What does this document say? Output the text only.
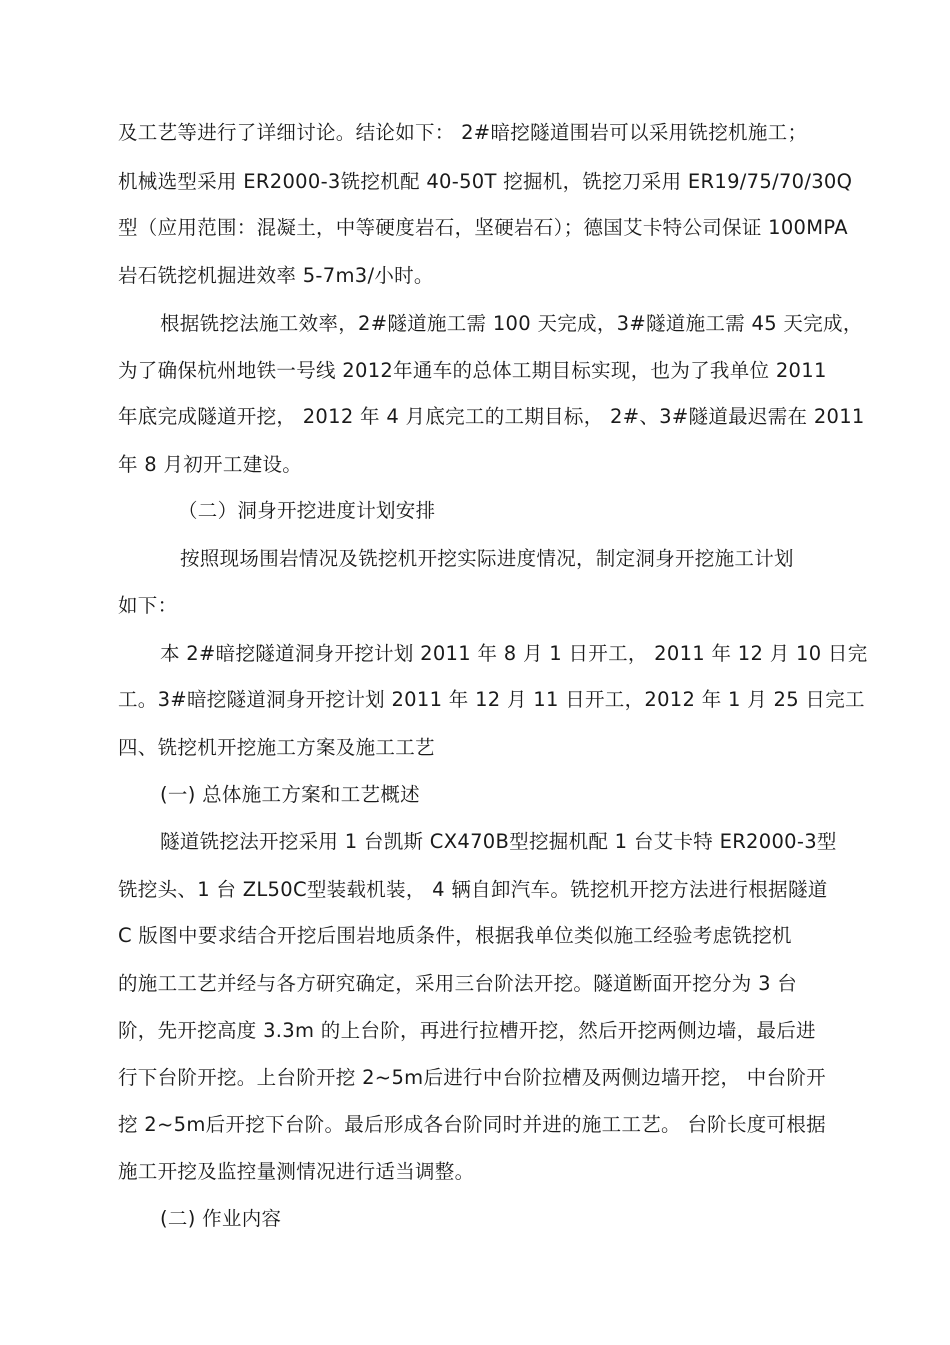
及工艺等进行了详细讨论。结论如下： 2#暗挖隧道围岩可以采用铣挖机施工；
机械选型采用 ER2000-3铣挖机配 40-50T 挖掘机，铣挖刀采用 ER19/75/70/30Q
型（应用范围：混凝土，中等硬度岩石，坚硬岩石）；德国艾卡特公司保证 100MPA
岩石铣挖机掘进效率 5-7m3/小时。
根据铣挖法施工效率，2#隧道施工需 100 天完成，3#隧道施工需 45 天完成，
为了确保杭州地铁一号线 2012年通车的总体工期目标实现，也为了我单位 2011
年底完成隧道开挖， 2012 年 4 月底完工的工期目标， 2#、3#隧道最迟需在 2011
年 8 月初开工建设。
（二）洞身开挖进度计划安排
按照现场围岩情况及铣挖机开挖实际进度情况，制定洞身开挖施工计划
如下：
本 2#暗挖隧道洞身开挖计划 2011 年 8 月 1 日开工， 2011 年 12 月 10 日完
工。3#暗挖隧道洞身开挖计划 2011 年 12 月 11 日开工，2012 年 1 月 25 日完工
四、铣挖机开挖施工方案及施工工艺
(一) 总体施工方案和工艺概述
隧道铣挖法开挖采用 1 台凯斯 CX470B型挖掘机配 1 台艾卡特 ER2000-3型
铣挖头、1 台 ZL50C型装载机装， 4 辆自卸汽车。铣挖机开挖方法进行根据隧道
C 版图中要求结合开挖后围岩地质条件，根据我单位类似施工经验考虑铣挖机
的施工工艺并经与各方研究确定，采用三台阶法开挖。隧道断面开挖分为 3 台
阶，先开挖高度 3.3m 的上台阶，再进行拉槽开挖，然后开挖两侧边墙，最后进
行下台阶开挖。上台阶开挖 2~5m后进行中台阶拉槽及两侧边墙开挖， 中台阶开
挖 2~5m后开挖下台阶。最后形成各台阶同时并进的施工工艺。 台阶长度可根据
施工开挖及监控量测情况进行适当调整。
(二) 作业内容
